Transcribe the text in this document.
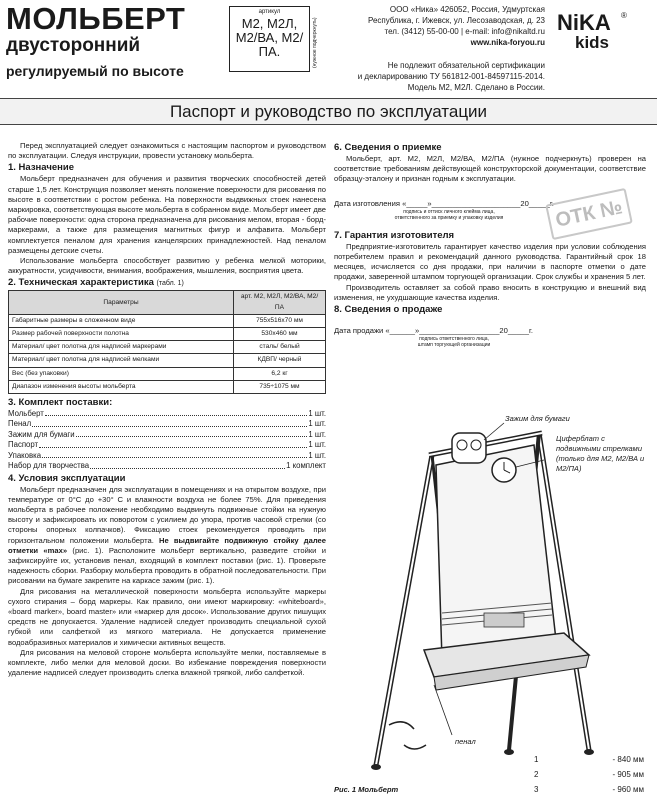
МОЛЬБЕРТ
двусторонний
регулируемый по высоте
артикул
М2, М2Л, М2/ВА, М2/ПА.	(нужное подчеркнуть)
ООО «Ника» 426052, Россия, Удмуртская
Республика, г. Ижевск, ул. Лесозаводская, д. 23
тел. (3412) 55-00-00 | e-mail: info@nikaltd.ru
www.nika-foryou.ru
Не подлежит обязательной сертификации
и декларированию ТУ 561812-001-84597115-2014.
Модель М2, М2Л. Сделано в России.
NiKA
kids
®
Паспорт и руководство по эксплуатации

Перед эксплуатацией следует ознакомиться с настоящим паспортом и руководством по эксплуатации. Следуя инструкции, провести установку мольберта.

1. Назначение

Мольберт предназначен для обучения и развития творческих способностей детей старше 1,5 лет. Конструкция позволяет менять положение поверхности для рисования по высоте в соответствии с ростом ребенка. На поверхности выдвижных стоек нанесена маркировка, соответствующая высоте мольберта в собранном виде. Мольберт имеет две рабочие поверхности: одна сторона предназначена для рисования мелом, вторая - борд-маркерами, а также для размещения магнитных фигур и алфавита. Мольберт комплектуется пеналом для хранения канцелярских принадлежностей. Над пеналом размещены детские счеты.

Использование мольберта способствует развитию у ребенка мелкой моторики, аккуратности, усидчивости, внимания, воображения, мышления, восприятия цвета.

2. Техническая характеристика (табл. 1)
Параметры	арт. М2, М2Л, М2/ВА, М2/ПА
Габаритные размеры в сложенном виде	755х516х70 мм
Размер рабочей поверхности полотна	530х460 мм
Материал/ цвет полотна для надписей маркерами	сталь/ белый
Материал/ цвет полотна для надписей мелками	КДВП/ черный
Вес (без упаковки)	6,2 кг
Диапазон изменения высоты мольберта	735÷1075 мм
3. Комплект поставки:
Мольберт	1 шт.
Пенал	1 шт.
Зажим для бумаги	1 шт.
Паспорт	1 шт.
Упаковка	1 шт.
Набор для творчества	1 комплект
4. Условия эксплуатации

Мольберт предназначен для эксплуатации в помещениях и на открытом воздухе, при температуре от 0°С до +30° С и влажности воздуха не более 75%. Для приведения мольберта в рабочее положение необходимо выдвинуть подвижные стойки на нужную высоту и зафиксировать их поворотом с усилием до упора, против часовой стрелки (со стороны опорных колпачков). Фиксацию стоек рекомендуется проводить при горизонтальном положении мольберта. Не выдвигайте подвижную стойку далее отметки «max» (рис. 1). Расположите мольберт вертикально, разведите стойки и зафиксируйте их, установив пенал, входящий в комплект поставки (рис. 1). Проверьте надежность сборки. Разборку мольберта проводить в обратной последовательности. При рисовании на бумаге закрепите на каркасе зажим (рис. 1).

Для рисования на металлической поверхности мольберта используйте маркеры сухого стирания – борд маркеры. Как правило, они имеют маркировку: «whiteboard», «board marker», board master» или «маркер для досок». Использование других пишущих средств не допускается. Удаление надписей следует производить специальной сухой губкой или салфеткой из мягкого материала. Не допускается применение водоабразивных материалов и химически активных веществ.

Для рисования на меловой стороне мольберта используйте мелки, поставляемые в комплекте, либо мелки для меловой доски. Во избежание повреждения поверхности удаление надписей следует производить слегка влажной тряпкой, либо салфеткой.

6. Сведения о приемке

Мольберт, арт. М2, М2Л, М2/ВА, М2/ПА (нужное подчеркнуть) проверен на соответствие требованиям действующей конструкторской документации, соответствие образцу-эталону и признан годным к эксплуатации.

Дата изготовления «_____»_____________________20_____г.
подпись и оттиск личного клейма лица,
ответственного за приемку и упаковку изделия
7. Гарантия изготовителя

Предприятие-изготовитель гарантирует качество изделия при условии соблюдения потребителем правил и рекомендаций данного руководства. Гарантийный срок 18 месяцев, исчисляется со дня продажи, при наличии в паспорте отметки о дате продажи, заверенной штампом торгующей организации. Срок службы и хранения 5 лет.

Производитель оставляет за собой право вносить в конструкцию и внешний вид изменения, не ухудшающие качества изделия.

8. Сведения о продаже
Дата продажи «______»___________________20_____г.
подпись ответственного лица,
штамп торгующей организации
ОТК №
Зажим для бумаги
Циферблат с подвижными стрелками
(только для М2, М2/ВА и М2/ПА)
пенал
Рис. 1 Мольберт
1	- 840 мм
2	- 905 мм
3	- 960 мм
